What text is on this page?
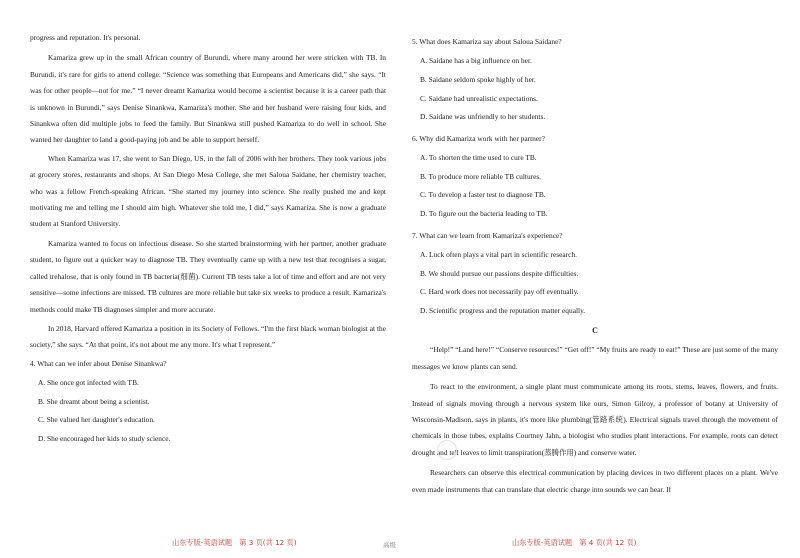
progress and reputation. It's personal.

Kamariza grew up in the small African country of Burundi, where many around her were stricken with TB. In Burundi, it's rare for girls to attend college. “Science was something that Europeans and Americans did,” she says. “It was for other people—not for me.” “I never dreamt Kamariza would become a scientist because it is a career path that is unknown in Burundi,” says Denise Sinankwa, Kamariza's mother. She and her husband were raising four kids, and Sinankwa often did multiple jobs to feed the family. But Sinankwa still pushed Kamariza to do well in school. She wanted her daughter to land a good-paying job and be able to support herself.

When Kamariza was 17, she went to San Diego, US, in the fall of 2006 with her brothers. They took various jobs at grocery stores, restaurants and shops. At San Diego Mesa College, she met Saloua Saidane, her chemistry teacher, who was a fellow French-speaking African. “She started my journey into science. She really pushed me and kept motivating me and telling me I should aim high. Whatever she told me, I did,” says Kamariza. She is now a graduate student at Stanford University.

Kamariza wanted to focus on infectious disease. So she started brainstorming with her partner, another graduate student, to figure out a quicker way to diagnose TB. They eventually came up with a new test that recognises a sugar, called trehalose, that is only found in TB bacteria(细菌). Current TB tests take a lot of time and effort and are not very sensitive—some infections are missed. TB cultures are more reliable but take six weeks to produce a result. Kamariza's methods could make TB diagnoses simpler and more accurate.

In 2018, Harvard offered Kamariza a position in its Society of Fellows. “I'm the first black woman biologist at the society,” she says. “At that point, it's not about me any more. It's what I represent.”

4. What can we infer about Denise Sinankwa?

A. She once got infected with TB.

B. She dreamt about being a scientist.

C. She valued her daughter's education.

D. She encouraged her kids to study science.

5. What does Kamariza say about Saloua Saidane?

A. Saidane has a big influence on her.

B. Saidane seldom spoke highly of her.

C. Saidane had unrealistic expectations.

D. Saidane was unfriendly to her students.

6. Why did Kamariza work with her partner?

A. To shorten the time used to cure TB.

B. To produce more reliable TB cultures.

C. To develop a faster test to diagnose TB.

D. To figure out the bacteria leading to TB.

7. What can we learn from Kamariza's experience?

A. Luck often plays a vital part in scientific research.

B. We should pursue our passions despite difficulties.

C. Hard work does not necessarily pay off eventually.

D. Scientific progress and the reputation matter equally.

C

“Help!” “Land here!” “Conserve resources!” “Get off!” “My fruits are ready to eat!” These are just some of the many messages we know plants can send.

To react to the environment, a single plant must communicate among its roots, stems, leaves, flowers, and fruits. Instead of signals moving through a nervous system like ours, Simon Gilroy, a professor of botany at University of Wisconsin-Madison, says in plants, it's more like plumbing(管路系统). Electrical signals travel through the movement of chemicals in those tubes, explains Courtney Jahn, a biologist who studies plant interactions. For example, roots can detect drought and tell leaves to limit transpiration(蒸腾作用) and conserve water.

Researchers can observe this electrical communication by placing devices in two different places on a plant. We've even made instruments that can translate that electric charge into sounds we can hear. If

山东专版-英语试题　第 3 页(共 12 页)	高级	山东专版-英语试题　第 4 页(共 12 页)
